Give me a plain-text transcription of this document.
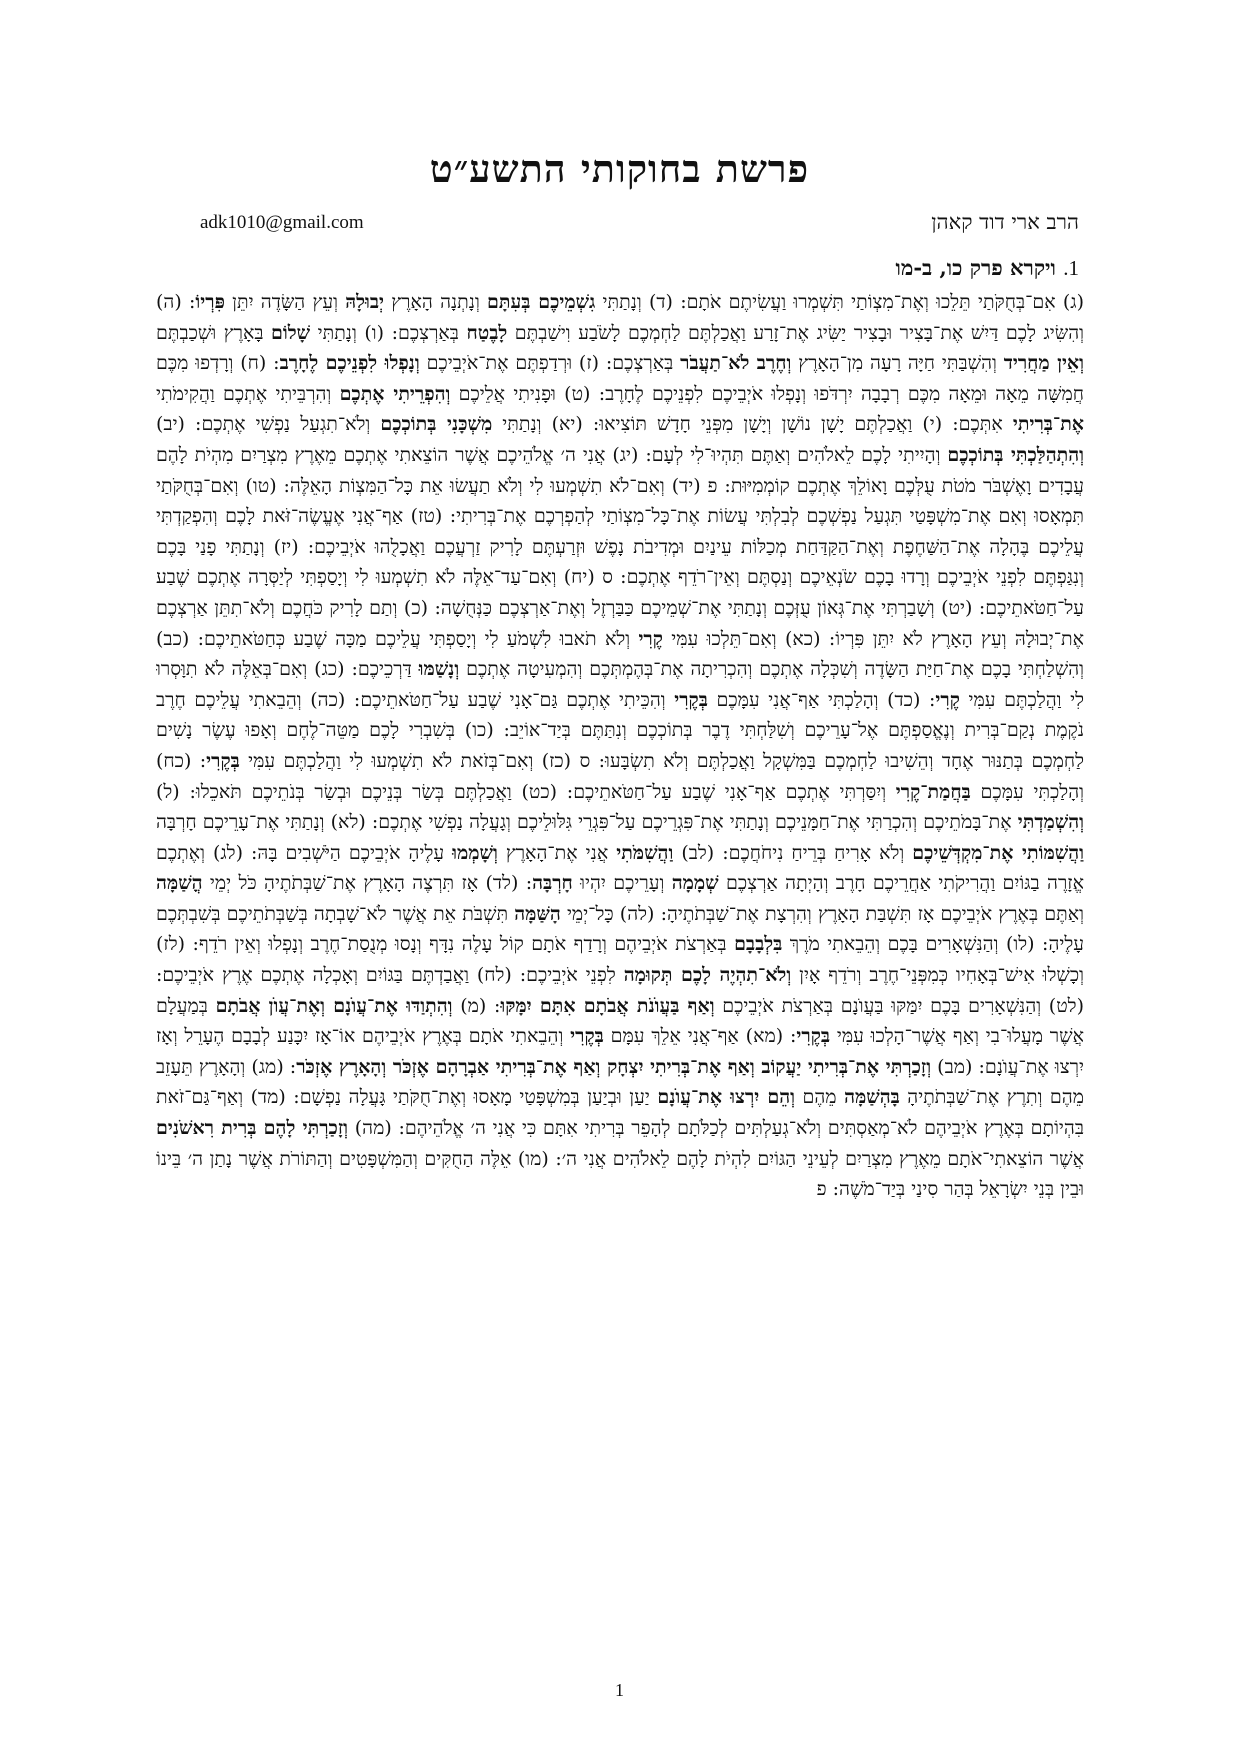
פרשת בחוקותי התשע״ט
הרב ארי דוד קאהן
adk1010@gmail.com
1. ויקרא פרק כו, ב-מו
(ג) אִם־בְּחֻקֹּתַי תֵּלֵכוּ וְאֶת־מִצְוֹתַי תִּשְׁמְרוּ וַעֲשִׂיתֶם אֹתָם: (ד) וְנָתַתִּי גִשְׁמֵיכֶם בְּעִתָּם וְנָתְנָה הָאָרֶץ יְבוּלָהּ וְעֵץ הַשָּׂדֶה יִתֵּן פִּרְיוֹ: (ה) וְהִשִּׂיג לָכֶם דַּיִשׁ אֶת־בָּצִיר וּבָצִיר יַשִּׂיג אֶת־זָרַע וַאֲכַלְתֶּם לַחְמְכֶם לָשֹׂבַע וִישַׁבְתֶּם לָבֶטַח בְּאַרְצְכֶם: (ו) וְנָתַתִּי שָׁלוֹם בָּאָרֶץ וּשְׁכַבְתֶּם וְאֵין מַחֲרִיד וְהִשְׁבַּתִּי חַיָּה רָעָה מִן־הָאָרֶץ וְחֶרֶב לֹא־תַעֲבֹר בְּאַרְצְכֶם: (ז) וּרְדַפְתֶּם אֶת־אֹיְבֵיכֶם וְנָפְלוּ לִפְנֵיכֶם לֶחָרֶב: (ח) וְרָדְפוּ מִכֶּם חֲמִשָּׁה מֵאָה וּמֵאָה מִכֶּם רְבָבָה יִרְדֹּפוּ וְנָפְלוּ אֹיְבֵיכֶם לִפְנֵיכֶם לֶחָרֶב: (ט) וּפָנִיתִי אֲלֵיכֶם וְהִפְרֵיתִי אֶתְכֶם וְהִרְבֵּיתִי אֶתְכֶם וַהֲקִימֹתִי אֶת־בְּרִיתִי אִתְּכֶם: (י) וַאֲכַלְתֶּם יָשָׁן נוֹשָׁן וְיָשָׁן מִפְּנֵי חָדָשׁ תּוֹצִיאוּ: (יא) וְנָתַתִּי מִשְׁכָּנִי בְּתוֹכְכֶם וְלֹא־תִגְעַל נַפְשִׁי אֶתְכֶם: (יב) וְהִתְהַלַּכְתִּי בְּתוֹכְכֶם וְהָיִיתִי לָכֶם לֵאלֹהִים וְאַתֶּם תִּהְיוּ־לִי לְעָם: (יג) אֲנִי ה׳ אֱלֹהֵיכֶם אֲשֶׁר הוֹצֵאתִי אֶתְכֶם מֵאֶרֶץ מִצְרַיִם מִהְיֹת לָהֶם עֲבָדִים וָאֶשְׁבֹּר מֹטֹת עֻלְּכֶם וָאוֹלֵךְ אֶתְכֶם קוֹמְמִיּוּת: פ (יד) וְאִם־לֹא תִשְׁמְעוּ לִי וְלֹא תַעֲשׂוּ אֵת כָּל־הַמִּצְוֹת הָאֵלֶּה: (טו) וְאִם־בְּחֻקֹּתַי תִּמְאָסוּ וְאִם אֶת־מִשְׁפָּטַי תִּגְעַל נַפְשְׁכֶם לְבִלְתִּי עֲשׂוֹת אֶת־כָּל־מִצְוֹתַי לְהַפְרְכֶם אֶת־בְּרִיתִי: (טז) אַף־אֲנִי אֶעֱשֶׂה־זֹּאת לָכֶם וְהִפְקַדְתִּי עֲלֵיכֶם בֶּהָלָה אֶת־הַשַּׁחֶפֶת וְאֶת־הַקַּדַּחַת מְכַלּוֹת עֵינַיִם וּמְדִיבֹת נָפֶשׁ וּזְרַעְתֶּם לָרִיק זַרְעֲכֶם וַאֲכָלֻהוּ אֹיְבֵיכֶם: (יז) וְנָתַתִּי פָנַי בָּכֶם וְנִגַּפְתֶּם לִפְנֵי אֹיְבֵיכֶם וְרָדוּ בָכֶם שֹׂנְאֵיכֶם וְנַסְתֶּם וְאֵין־רֹדֵף אֶתְכֶם: ס (יח) וְאִם־עַד־אֵלֶּה לֹא תִשְׁמְעוּ לִי וְיָסַפְתִּי לְיַסְּרָה אֶתְכֶם שֶׁבַע עַל־חַטֹּאתֵיכֶם: (יט) וְשָׁבַרְתִּי אֶת־גְּאוֹן עֻזְּכֶם וְנָתַתִּי אֶת־שְׁמֵיכֶם כַּבַּרְזֶל וְאֶת־אַרְצְכֶם כַּנְּחֻשָׁה: (כ) וְתַם לָרִיק כֹּחֲכֶם וְלֹא־תִתֵּן אַרְצְכֶם אֶת־יְבוּלָהּ וְעֵץ הָאָרֶץ לֹא יִתֵּן פִּרְיוֹ: (כא) וְאִם־תֵּלְכוּ עִמִּי קֶרִי וְלֹא תֹאבוּ לִשְׁמֹעַ לִי וְיָסַפְתִּי עֲלֵיכֶם מַכָּה שֶׁבַע כְּחַטֹּאתֵיכֶם: (כב) וְהִשְׁלַחְתִּי בָכֶם אֶת־חַיַּת הַשָּׂדֶה וְשִׁכְּלָה אֶתְכֶם וְהִכְרִיתָה אֶת־בְּהֶמְתְּכֶם וְהִמְעִיטָה אֶתְכֶם וְנָשַׁמּוּ דַּרְכֵיכֶם: (כג) וְאִם־בְּאֵלֶּה לֹא תִוָּסְרוּ לִי וַהֲלַכְתֶּם עִמִּי קֶרִי: (כד) וְהָלַכְתִּי אַף־אֲנִי עִמָּכֶם בְּקֶרִי וְהִכֵּיתִי אֶתְכֶם גַּם־אָנִי שֶׁבַע עַל־חַטֹּאתֵיכֶם: (כה) וְהֵבֵאתִי עֲלֵיכֶם חֶרֶב נֹקֶמֶת נְקַם־בְּרִית וְנֶאֱסַפְתֶּם אֶל־עָרֵיכֶם וְשִׁלַּחְתִּי דֶבֶר בְּתוֹכְכֶם וְנִתַּתֶּם בְּיַד־אוֹיֵב: (כו) בְּשִׁבְרִי לָכֶם מַטֵּה־לֶחֶם וְאָפוּ עֶשֶׂר נָשִׁים לַחְמְכֶם בְּתַנּוּר אֶחָד וְהֵשִׁיבוּ לַחְמְכֶם בַּמִּשְׁקָל וַאֲכַלְתֶּם וְלֹא תִשְׂבָּעוּ: ס (כז) וְאִם־בְּזֹאת לֹא תִשְׁמְעוּ לִי וַהֲלַכְתֶּם עִמִּי בְּקֶרִי: (כח) וְהָלַכְתִּי עִמָּכֶם בַּחֲמַת־קֶרִי וְיִסַּרְתִּי אֶתְכֶם אַף־אָנִי שֶׁבַע עַל־חַטֹּאתֵיכֶם: (כט) וַאֲכַלְתֶּם בְּשַׂר בְּנֵיכֶם וּבְשַׂר בְּנֹתֵיכֶם תֹּאכֵלוּ: (ל) וְהִשְׁמַדְתִּי אֶת־בָּמֹתֵיכֶם וְהִכְרַתִּי אֶת־חַמָּנֵיכֶם וְנָתַתִּי אֶת־פִּגְרֵיכֶם עַל־פִּגְרֵי גִּלּוּלֵיכֶם וְגָעֲלָה נַפְשִׁי אֶתְכֶם: (לא) וְנָתַתִּי אֶת־עָרֵיכֶם חָרְבָּה וַהֲשִׁמּוֹתִי אֶת־מִקְדְּשֵׁיכֶם וְלֹא אָרִיחַ בְּרֵיחַ נִיחֹחֲכֶם: (לב) וַהֲשִׁמֹּתִי אֲנִי אֶת־הָאָרֶץ וְשָׁמְמוּ עָלֶיהָ אֹיְבֵיכֶם הַיֹּשְׁבִים בָּהּ: (לג) וְאֶתְכֶם אֱזָרֶה בַגּוֹיִם וַהֲרִיקֹתִי אַחֲרֵיכֶם חָרֶב וְהָיְתָה אַרְצְכֶם שְׁמָמָה וְעָרֵיכֶם יִהְיוּ חָרְבָּה: (לד) אָז תִּרְצֶה הָאָרֶץ אֶת־שַׁבְּתֹתֶיהָ כֹּל יְמֵי הֳשַׁמָּה וְאַתֶּם בְּאֶרֶץ אֹיְבֵיכֶם אָז תִּשְׁבַּת הָאָרֶץ וְהִרְצָת אֶת־שַׁבְּתֹתֶיהָ: (לה) כָּל־יְמֵי הָשַּׁמָּה תִּשְׁבֹּת אֵת אֲשֶׁר לֹא־שָׁבְתָה בְּשַׁבְּתֹתֵיכֶם בְּשִׁבְתְּכֶם עָלֶיהָ: (לו) וְהַנִּשְׁאָרִים בָּכֶם וְהֵבֵאתִי מֹרֶךְ בִּלְבָבָם בְּאַרְצֹת אֹיְבֵיהֶם וְרָדַף אֹתָם קוֹל עָלֶה נִדָּף וְנָסוּ מְנֻסַת־חֶרֶב וְנָפְלוּ וְאֵין רֹדֵף: (לז) וְכָשְׁלוּ אִישׁ־בְּאָחִיו כְּמִפְּנֵי־חֶרֶב וְרֹדֵף אָיִן וְלֹא־תִהְיֶה לָכֶם תְּקוּמָה לִפְנֵי אֹיְבֵיכֶם: (לח) וַאֲבַדְתֶּם בַּגּוֹיִם וְאָכְלָה אֶתְכֶם אֶרֶץ אֹיְבֵיכֶם: (לט) וְהַנִּשְׁאָרִים בָּכֶם יִמַּקּוּ בַּעֲוֺנָם בְּאַרְצֹת אֹיְבֵיכֶם וְאַף בַּעֲוֺנֹת אֲבֹתָם אִתָּם יִמָּקּוּ: (מ) וְהִתְוַדּוּ אֶת־עֲוֺנָם וְאֶת־עֲוֺן אֲבֹתָם בְּמַעֲלָם אֲשֶׁר מָעֲלוּ־בִי וְאַף אֲשֶׁר־הָלְכוּ עִמִּי בְּקֶרִי: (מא) אַף־אֲנִי אֵלֵךְ עִמָּם בְּקֶרִי וְהֵבֵאתִי אֹתָם בְּאֶרֶץ אֹיְבֵיהֶם אוֹ־אָז יִכָּנַע לְבָבָם הֶעָרֵל וְאָז יִרְצוּ אֶת־עֲוֺנָם: (מב) וְזָכַרְתִּי אֶת־בְּרִיתִי יַעֲקוֹב וְאַף אֶת־בְּרִיתִי יִצְחָק וְאַף אֶת־בְּרִיתִי אַבְרָהָם אֶזְכֹּר וְהָאָרֶץ אֶזְכֹּר: (מג) וְהָאָרֶץ תֵּעָזֵב מֵהֶם וְתִרֶץ אֶת־שַׁבְּתֹתֶיהָ בָּהְשַׁמָּה מֵהֶם וְהֵם יִרְצוּ אֶת־עֲוֺנָם יַעַן וּבְיַעַן בְּמִשְׁפָּטַי מָאָסוּ וְאֶת־חֻקֹּתַי גָּעֲלָה נַפְשָׁם: (מד) וְאַף־גַּם־זֹאת בִּהְיוֹתָם בְּאֶרֶץ אֹיְבֵיהֶם לֹא־מְאַסְתִּים וְלֹא־גְעַלְתִּים לְכַלֹּתָם לְהָפֵר בְּרִיתִי אִתָּם כִּי אֲנִי ה׳ אֱלֹהֵיהֶם: (מה) וְזָכַרְתִּי לָהֶם בְּרִית רִאשֹׁנִים אֲשֶׁר הוֹצֵאתִי־אֹתָם מֵאֶרֶץ מִצְרַיִם לְעֵינֵי הַגּוֹיִם לִהְיֹת לָהֶם לֵאלֹהִים אֲנִי ה׳: (מו) אֵלֶּה הַחֻקִּים וְהַמִּשְׁפָּטִים וְהַתּוֹרֹת אֲשֶׁר נָתַן ה׳ בֵּינוֹ וּבֵין בְּנֵי יִשְׂרָאֵל בְּהַר סִינַי בְּיַד־מֹשֶׁה: פ
1
